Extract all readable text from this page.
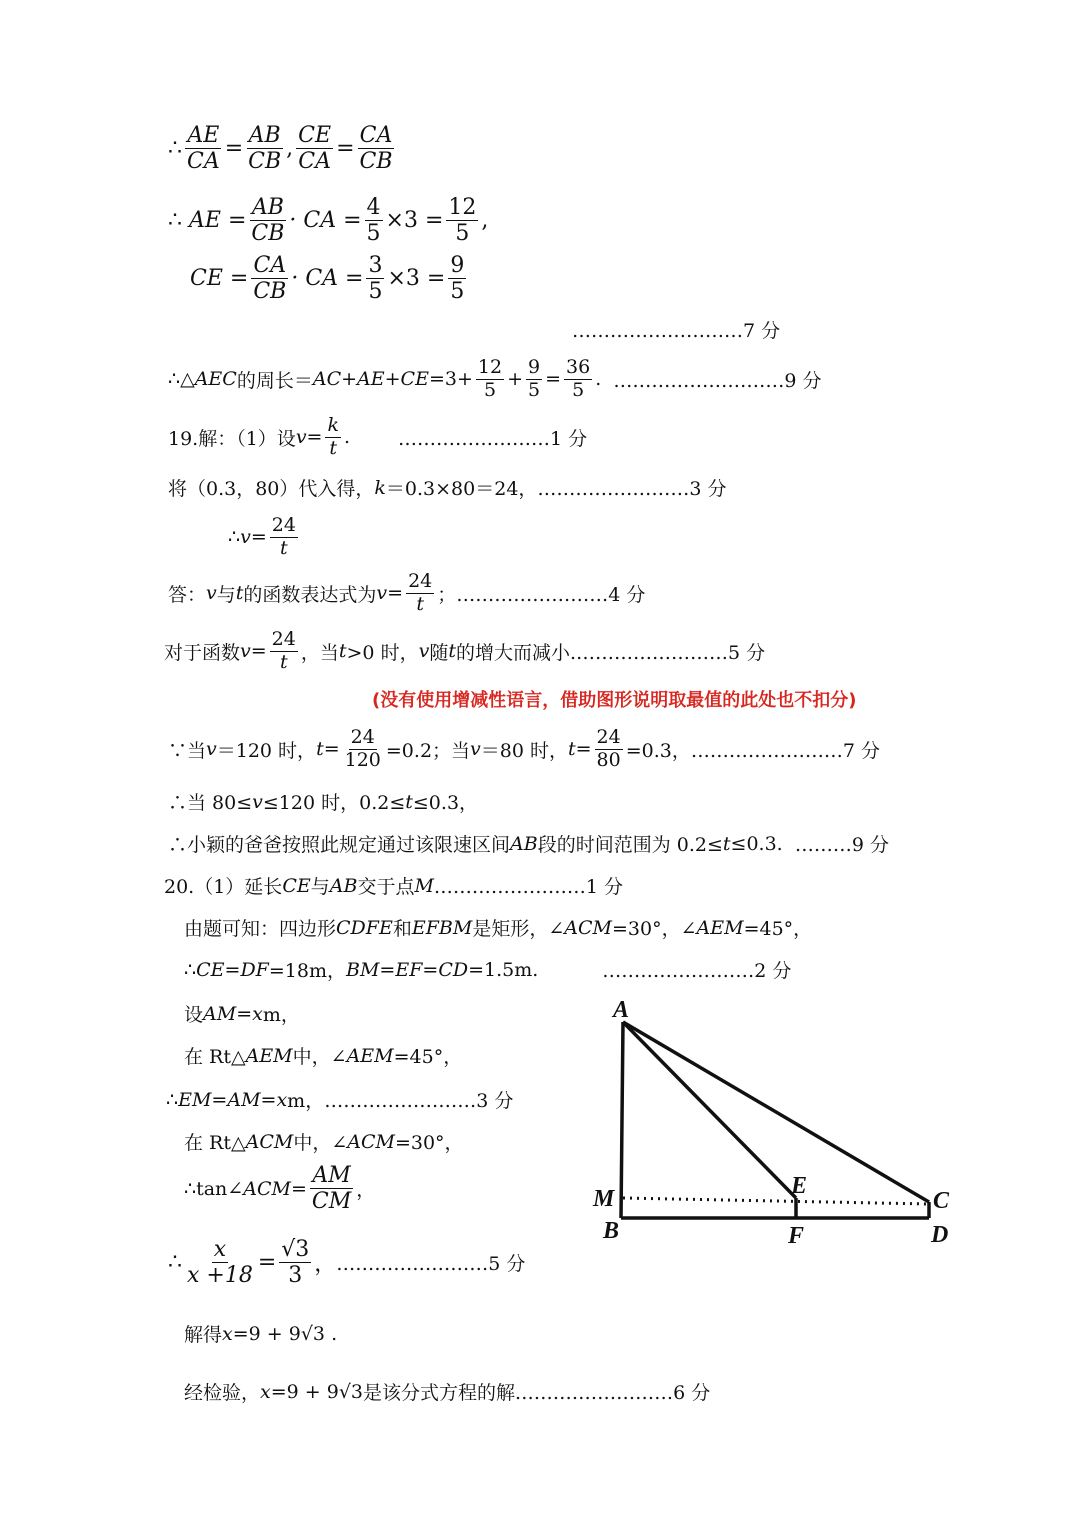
∴ $\frac{AE}{CA} = \frac{AB}{CB}$ , $\frac{CE}{CA} = \frac{CA}{CB}$
∴
AE = $\frac{AB}{CB}$ · CA = $\frac{4}{5} \times 3 = \frac{12}{5}$ ,
CE = $\frac{CA}{CB}$ · CA = $\frac{3}{5} \times 3 = \frac{9}{5}$
………………………7 分
∴△ AEC 的周长＝ $AC+AE+CE =3+ \frac{12}{5} + \frac{9}{5} = \frac{36}{5}$ .
………………………9 分
19.解：（1）设 $v = \frac{k}{t}$ .	……………………1 分
将（0.3，80）代入得， k ＝0.3×80＝24， ……………………3 分
∴ $v = \frac{24}{t}$
答： v 与 t 的函数表达式为 $v = \frac{24}{t}$ ； ……………………4 分
对于函数 $v = \frac{24}{t}$ ，当 t >0 时， v 随 t 的增大而减小. ……………………5 分
(没有使用增减性语言，借助图形说明取最值的此处也不扣分)
∵当 v ＝120 时， $t = \frac{24}{120} =0.2$；当 v ＝80 时， $t = \frac{24}{80} =0.3$， ……………………7 分
∴当 80≤ v ≤120 时，0.2≤ t ≤0.3，
∴小颖的爸爸按照此规定通过该限速区间 AB 段的时间范围为 0.2≤ t ≤0.3.
………9 分
20.（1）延长 CE 与 AB 交于点 M ……………………1 分
由题可知：四边形 CDFE 和 EFBM 是矩形，∠ ACM =30°，∠ AEM =45°，
∴ CE = DF =18m， BM = EF = CD =1.5m.	……………………2 分
设 AM = x m，
在 Rt△ AEM 中，∠ AEM =45°，
∴ EM = AM = x m， ……………………3 分
在 Rt△ ACM 中，∠ ACM =30°，
∴tan∠ ACM = $\frac{AM}{CM}$ ，
∴ $\frac{x}{x +18} = \frac{√3}{3}$ ， ……………………5 分
解得 x =9 + 9√3 .
经检验， x =9 + 9√3 是该分式方程的解. ……………………6 分
A
M
B
E
F
C
D
